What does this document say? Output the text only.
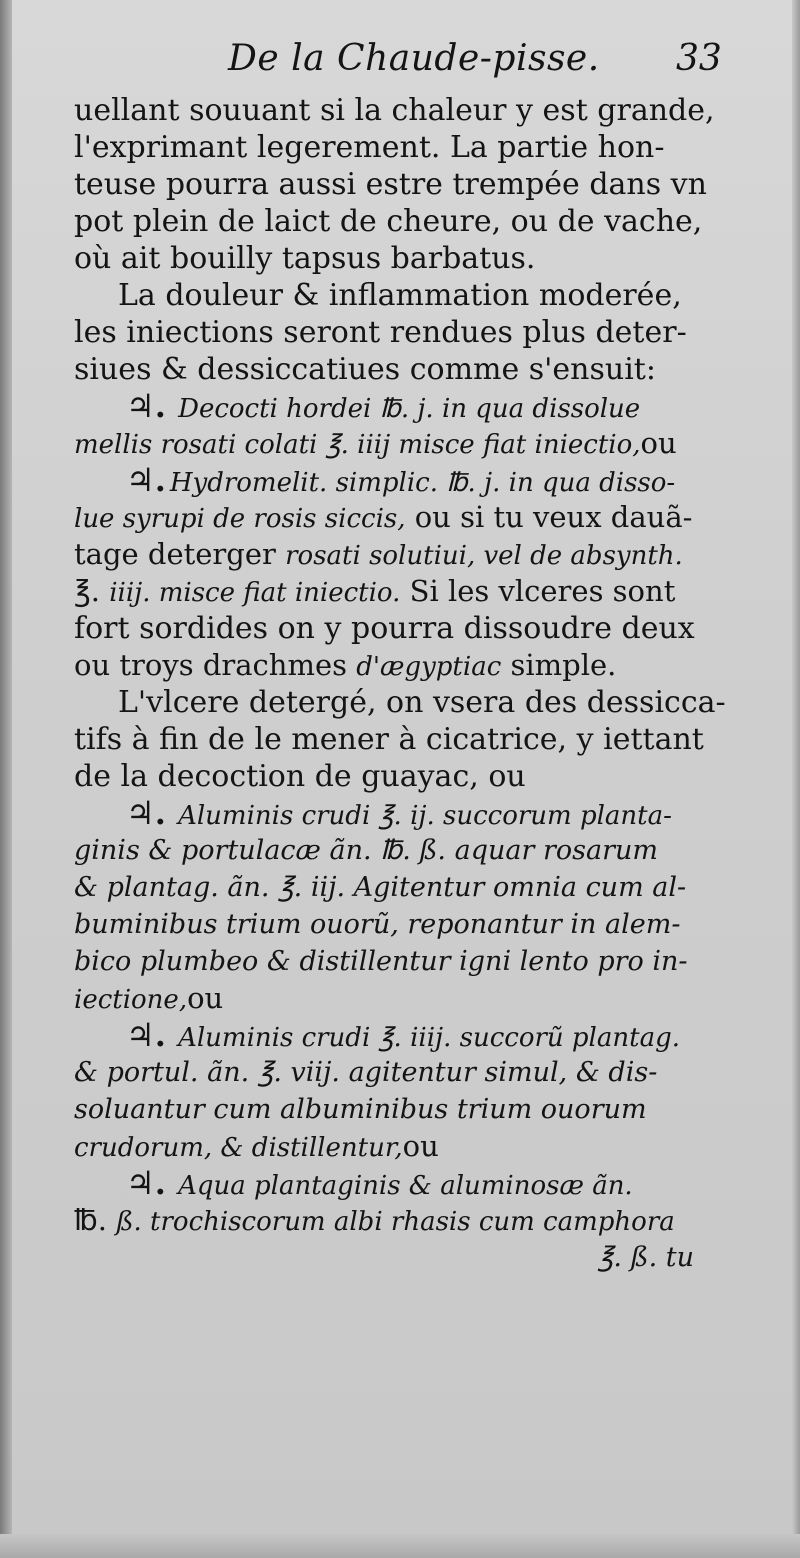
De la Chaude-pisse. 33
uellant souuant si la chaleur y est grande,
l'exprimant legerement. La partie hon-
teuse pourra aussi estre trempée dans vn
pot plein de laict de cheure, ou de vache,
où ait bouilly tapsus barbatus.
La douleur & inflammation moderée,
les iniections seront rendues plus deter-
siues & dessiccatiues comme s'ensuit:
♃. Decocti hordei ℔. j. in qua dissolue
mellis rosati colati ℥. iiij misce fiat iniectio,ou
♃. Hydromelit. simplic. ℔. j. in qua disso-
lue syrupi de rosis siccis, ou si tu veux dauã-
tage deterger rosati solutiui, vel de absynth.
℥. iiij. misce fiat iniectio. Si les vlceres sont
fort sordides on y pourra dissoudre deux
ou troys drachmes d'ægyptiac simple.
L'vlcere detergé, on vsera des dessicca-
tifs à fin de le mener à cicatrice, y iettant
de la decoction de guayac, ou
♃. Aluminis crudi ℥. ij. succorum planta-
ginis & portulacæ ãn. ℔. ß. aquar rosarum
& plantag. ãn. ℥. iij. Agitentur omnia cum al-
buminibus trium ouorũ, reponantur in alem-
bico plumbeo & distillentur igni lento pro in-
iectione,ou
♃. Aluminis crudi ℥. iiij. succorũ plantag.
& portul. ãn. ℥. viij. agitentur simul, & dis-
soluantur cum albuminibus trium ouorum
crudorum, & distillentur,ou
♃. Aqua plantaginis & aluminosæ ãn.
℔. ß. trochiscorum albi rhasis cum camphora
℥. ß. tu
